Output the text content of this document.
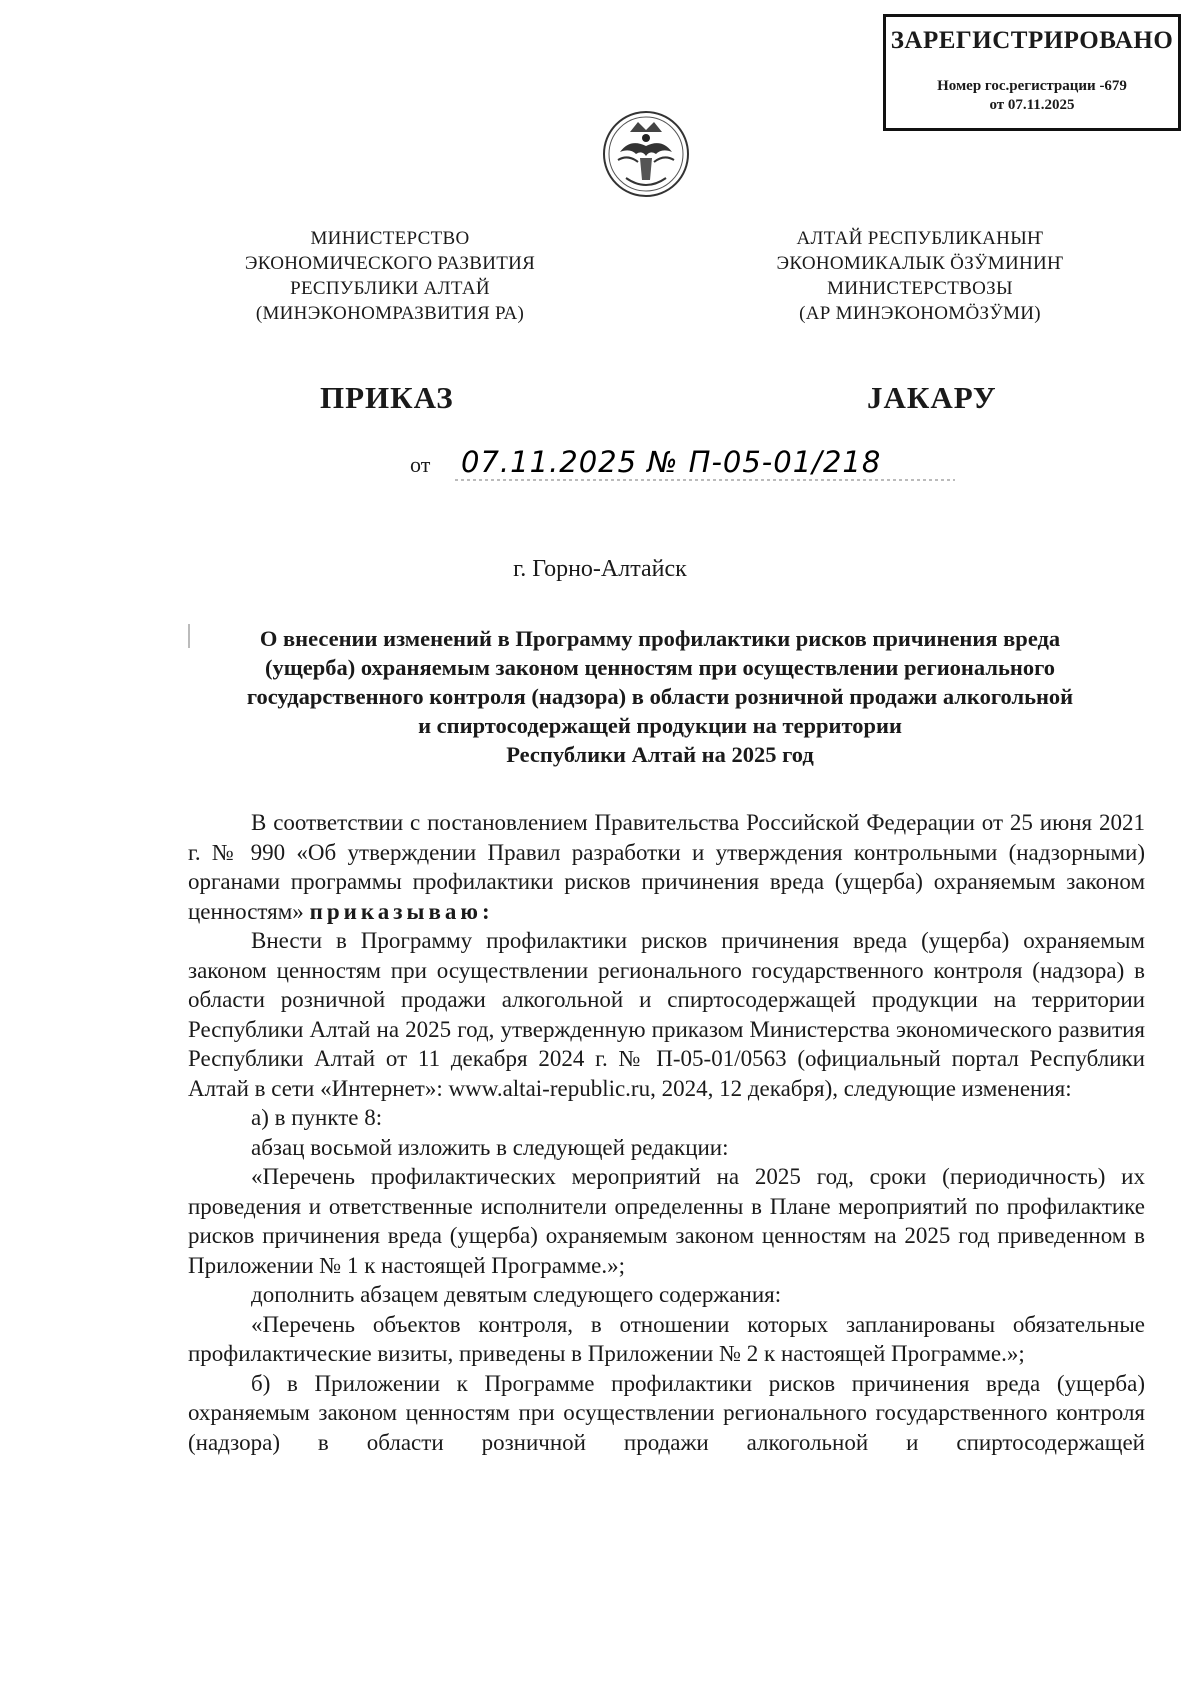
ЗАРЕГИСТРИРОВАНО
Номер гос.регистрации -679
от 07.11.2025
МИНИСТЕРСТВО
ЭКОНОМИЧЕСКОГО РАЗВИТИЯ
РЕСПУБЛИКИ АЛТАЙ
(МИНЭКОНОМРАЗВИТИЯ РА)
АЛТАЙ РЕСПУБЛИКАНЫҤ
ЭКОНОМИКАЛЫК ӦЗӰМИНИҤ
МИНИСТЕРСТВОЗЫ
(АР МИНЭКОНОМӦЗӰМИ)
ПРИКАЗ	ЈАКАРУ
от 07.11.2025 № П-05-01/218
г. Горно-Алтайск
О внесении изменений в Программу профилактики рисков причинения вреда
(ущерба) охраняемым законом ценностям при осуществлении регионального
государственного контроля (надзора) в области розничной продажи алкогольной
и спиртосодержащей продукции на территории
Республики Алтай на 2025 год

В соответствии с постановлением Правительства Российской Федерации от 25 июня 2021 г. № 990 «Об утверждении Правил разработки и утверждения контрольными (надзорными) органами программы профилактики рисков причинения вреда (ущерба) охраняемым законом ценностям» приказываю:

Внести в Программу профилактики рисков причинения вреда (ущерба) охраняемым законом ценностям при осуществлении регионального государственного контроля (надзора) в области розничной продажи алкогольной и спиртосодержащей продукции на территории Республики Алтай на 2025 год, утвержденную приказом Министерства экономического развития Республики Алтай от 11 декабря 2024 г. № П-05-01/0563 (официальный портал Республики Алтай в сети «Интернет»: www.altai-republic.ru, 2024, 12 декабря), следующие изменения:

а) в пункте 8:

абзац восьмой изложить в следующей редакции:

«Перечень профилактических мероприятий на 2025 год, сроки (периодичность) их проведения и ответственные исполнители определенны в Плане мероприятий по профилактике рисков причинения вреда (ущерба) охраняемым законом ценностям на 2025 год приведенном в Приложении № 1 к настоящей Программе.»;

дополнить абзацем девятым следующего содержания:

«Перечень объектов контроля, в отношении которых запланированы обязательные профилактические визиты, приведены в Приложении № 2 к настоящей Программе.»;

б) в Приложении к Программе профилактики рисков причинения вреда (ущерба) охраняемым законом ценностям при осуществлении регионального государственного контроля (надзора) в области розничной продажи алкогольной и спиртосодержащей
